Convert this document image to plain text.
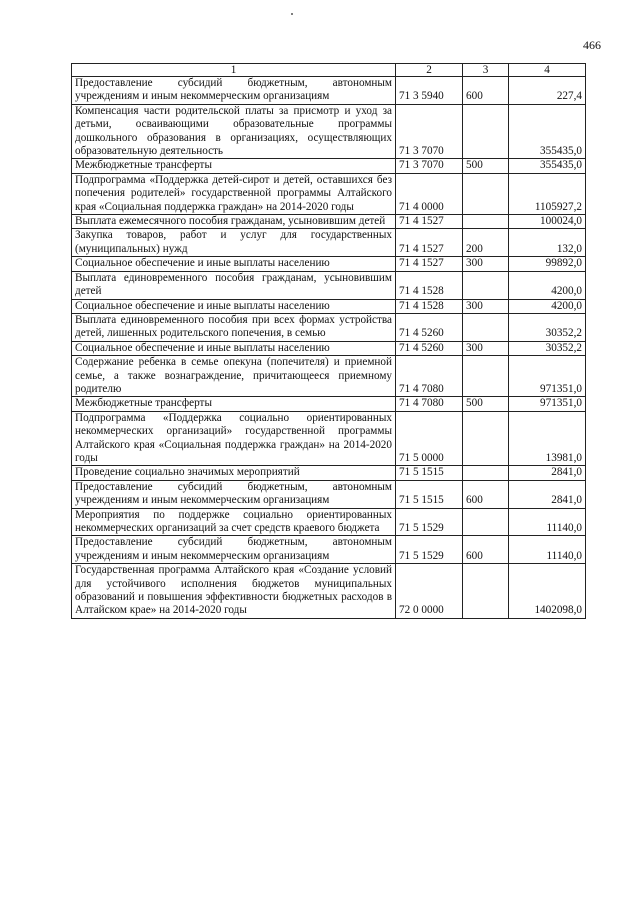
466
1	2	3	4
Предоставление субсидий бюджетным, автономным учреждениям и иным некоммерческим организациям	71 3 5940	600	227,4
Компенсация части родительской платы за присмотр и уход за детьми, осваивающими образовательные программы дошкольного образования в организациях, осуществляющих образовательную деятельность	71 3 7070		355435,0
Межбюджетные трансферты	71 3 7070	500	355435,0
Подпрограмма «Поддержка детей-сирот и детей, оставшихся без попечения родителей» государственной программы Алтайского края «Социальная поддержка граждан» на 2014-2020 годы	71 4 0000		1105927,2
Выплата ежемесячного пособия гражданам, усыновившим детей	71 4 1527		100024,0
Закупка товаров, работ и услуг для государственных (муниципальных) нужд	71 4 1527	200	132,0
Социальное обеспечение и иные выплаты населению	71 4 1527	300	99892,0
Выплата единовременного пособия гражданам, усыновившим детей	71 4 1528		4200,0
Социальное обеспечение и иные выплаты населению	71 4 1528	300	4200,0
Выплата единовременного пособия при всех формах устройства детей, лишенных родительского попечения, в семью	71 4 5260		30352,2
Социальное обеспечение и иные выплаты населению	71 4 5260	300	30352,2
Содержание ребенка в семье опекуна (попечителя) и приемной семье, а также вознаграждение, причитающееся приемному родителю	71 4 7080		971351,0
Межбюджетные трансферты	71 4 7080	500	971351,0
Подпрограмма «Поддержка социально ориентированных некоммерческих организаций» государственной программы Алтайского края «Социальная поддержка граждан» на 2014-2020 годы	71 5 0000		13981,0
Проведение социально значимых мероприятий	71 5 1515		2841,0
Предоставление субсидий бюджетным, автономным учреждениям и иным некоммерческим организациям	71 5 1515	600	2841,0
Мероприятия по поддержке социально ориентированных некоммерческих организаций за счет средств краевого бюджета	71 5 1529		11140,0
Предоставление субсидий бюджетным, автономным учреждениям и иным некоммерческим организациям	71 5 1529	600	11140,0
Государственная программа Алтайского края «Создание условий для устойчивого исполнения бюджетов муниципальных образований и повышения эффективности бюджетных расходов в Алтайском крае» на 2014-2020 годы	72 0 0000		1402098,0
